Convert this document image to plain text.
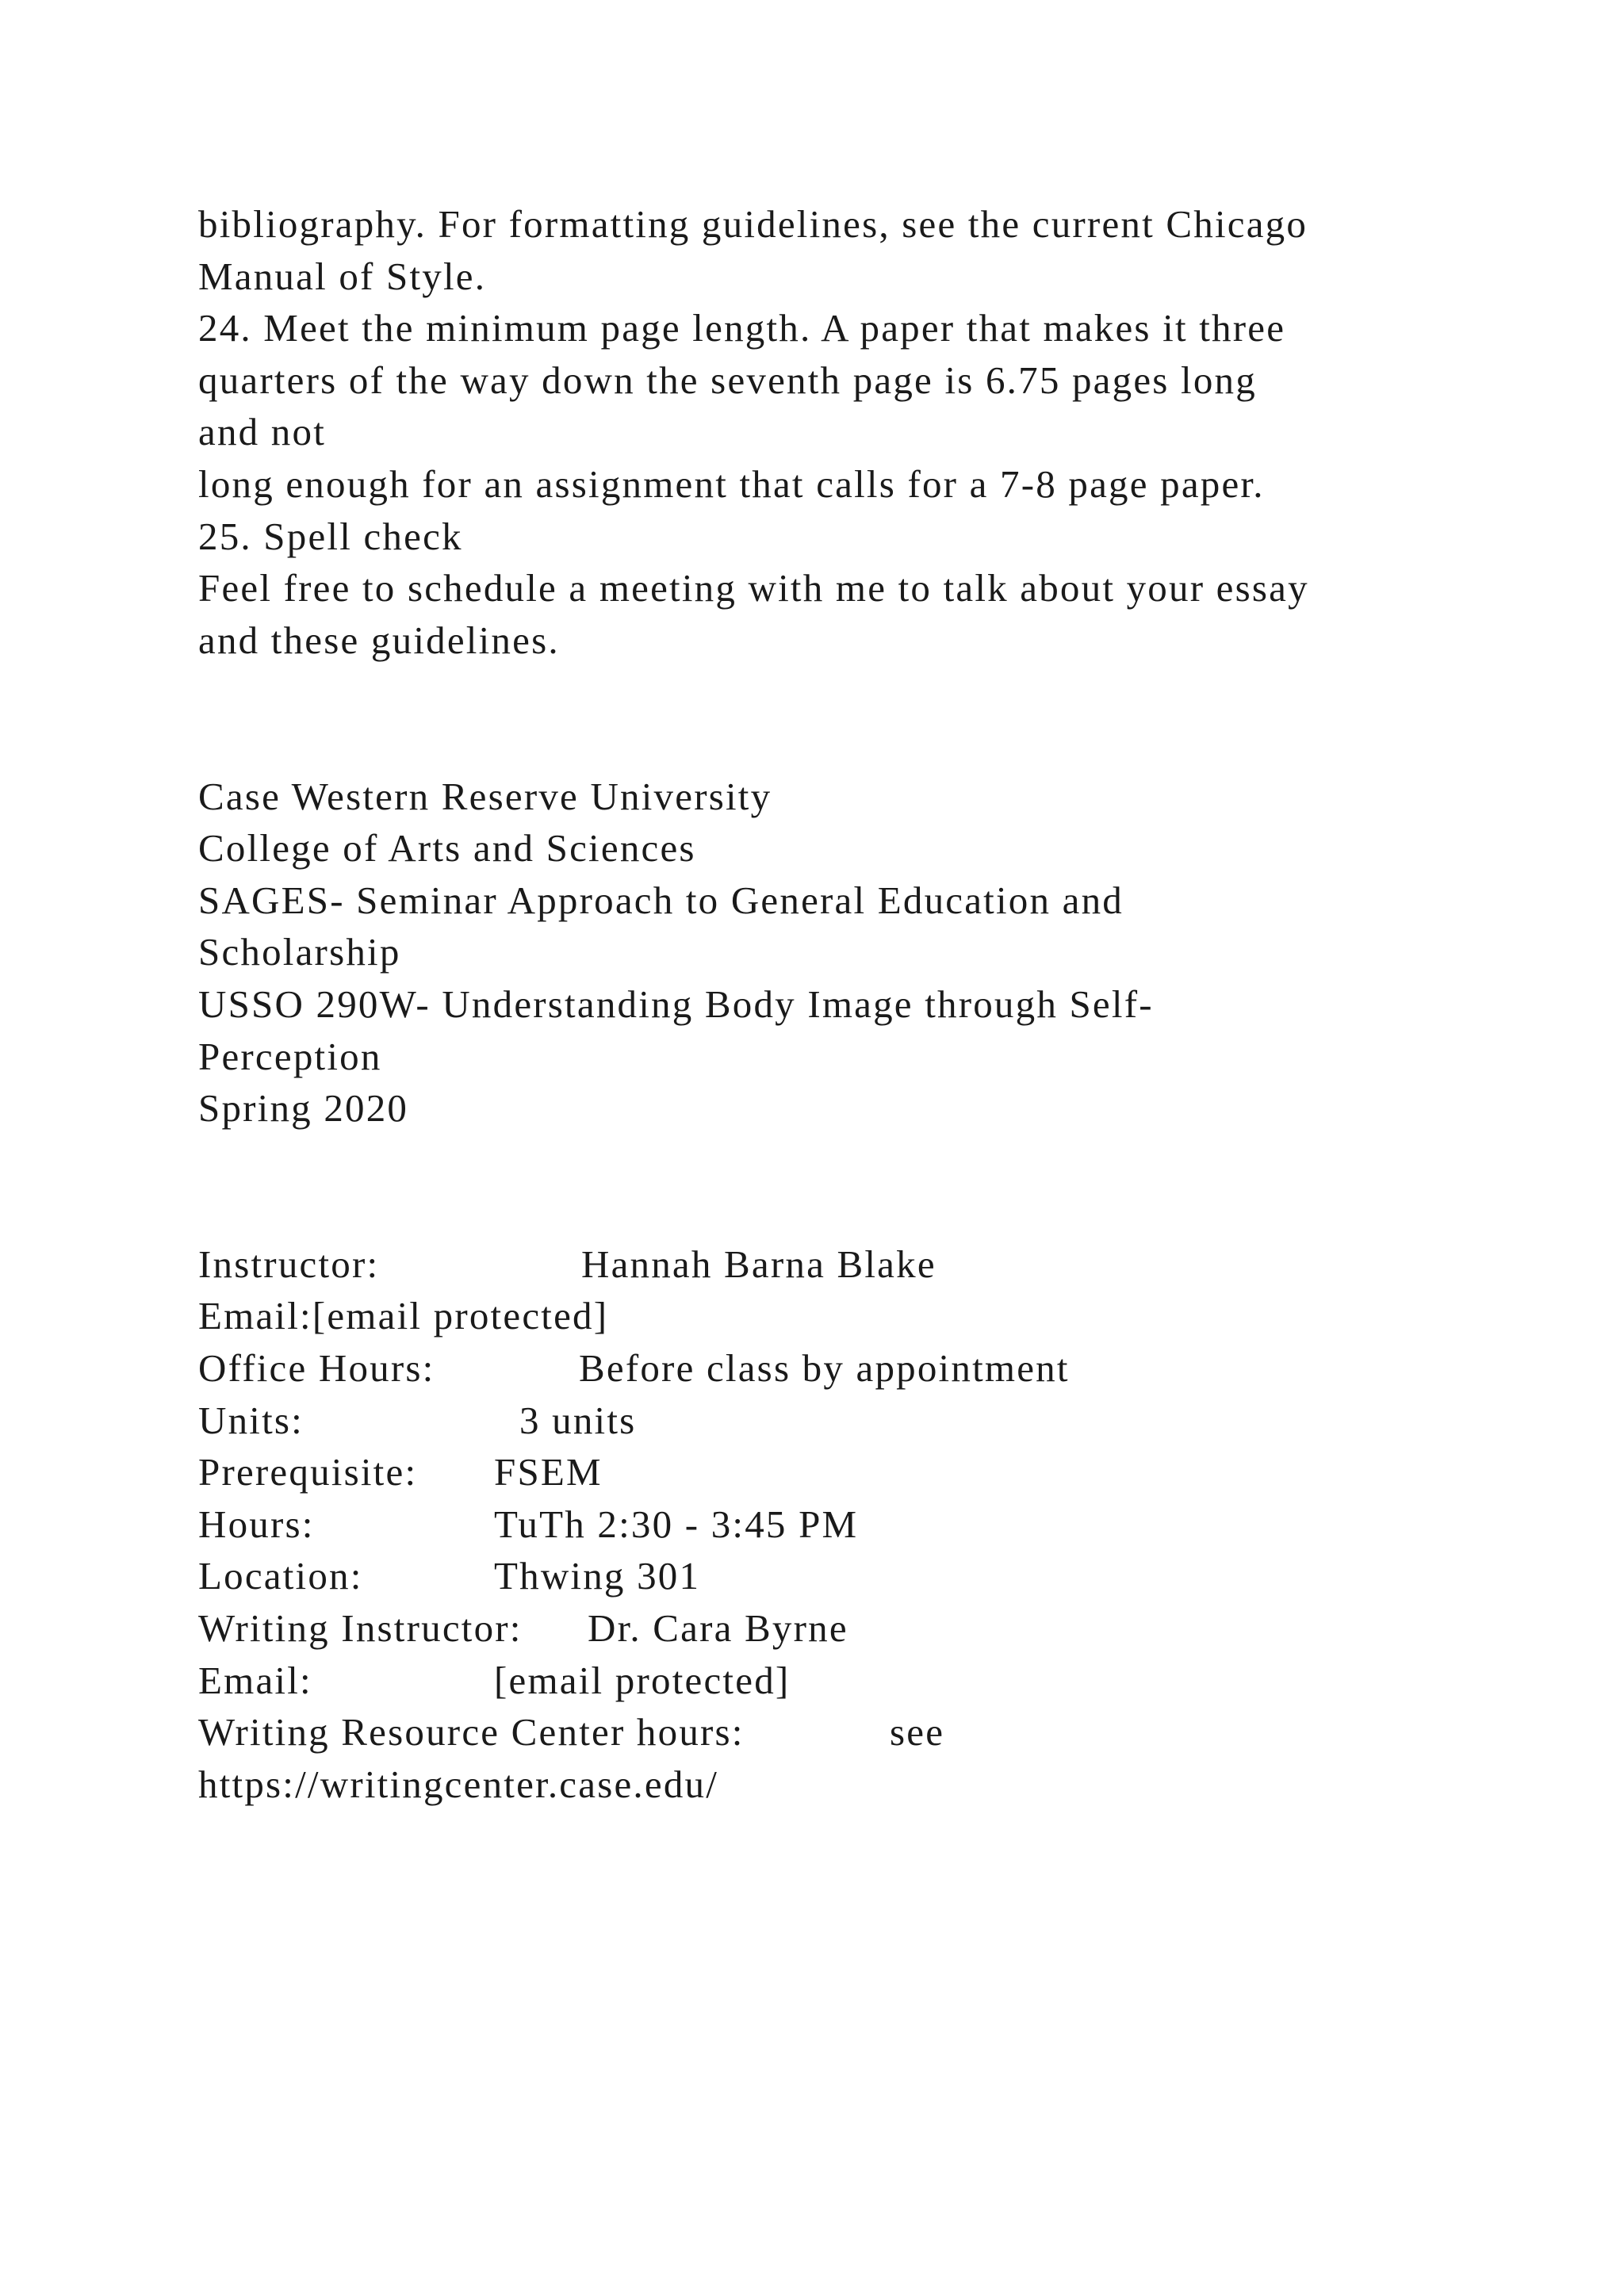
bibliography. For formatting guidelines, see the current Chicago
Manual of Style.
24. Meet the minimum page length. A paper that makes it three
quarters of the way down the seventh page is 6.75 pages long
and not
long enough for an assignment that calls for a 7-8 page paper.
25. Spell check
Feel free to schedule a meeting with me to talk about your essay
and these guidelines.
Case Western Reserve University
College of Arts and Sciences
SAGES- Seminar Approach to General Education and
Scholarship
USSO 290W- Understanding Body Image through Self-
Perception
Spring 2020
Instructor:	Hannah Barna Blake
Email:[email protected]
Office Hours:	Before class by appointment
Units:	3 units
Prerequisite: FSEM
Hours:	TuTh 2:30 - 3:45 PM
Location:	Thwing 301
Writing Instructor: Dr. Cara Byrne
Email:	[email protected]
Writing Resource Center hours:	see
https://writingcenter.case.edu/
